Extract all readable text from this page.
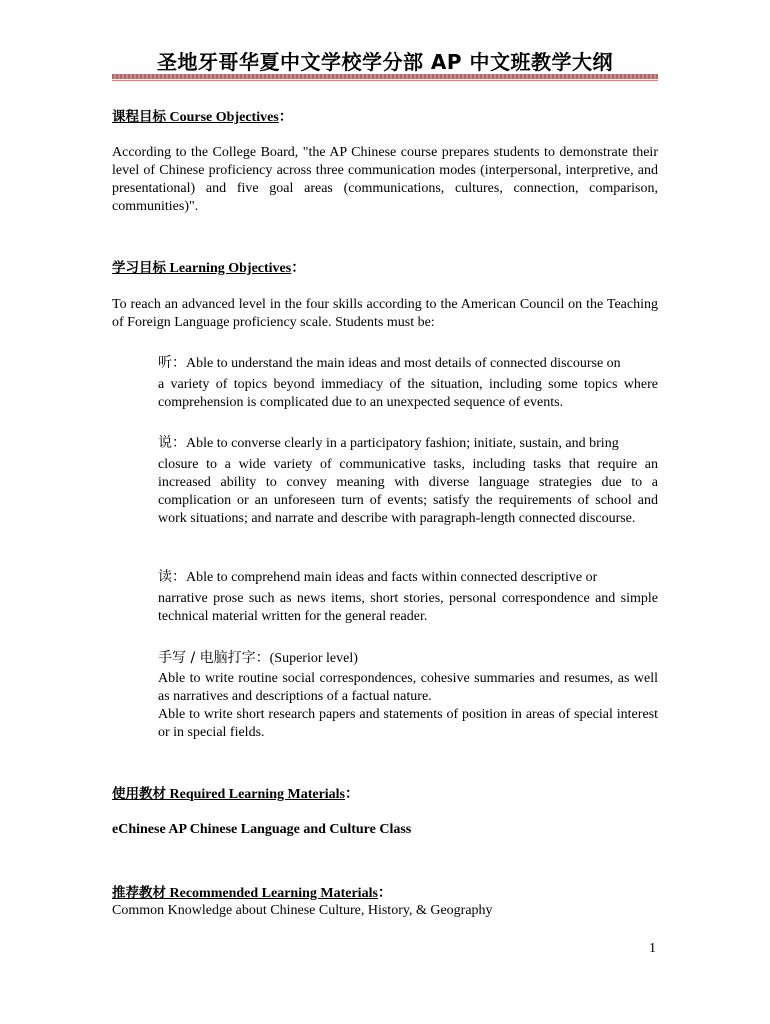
圣地牙哥华夏中文学校学分部 AP 中文班教学大纲
课程目标 Course Objectives：
According to the College Board, "the AP Chinese course prepares students to demonstrate their level of Chinese proficiency across three communication modes (interpersonal, interpretive, and presentational) and five goal areas (communications, cultures, connection, comparison, communities)".
学习目标 Learning Objectives：
To reach an advanced level in the four skills according to the American Council on the Teaching of Foreign Language proficiency scale. Students must be:
听：Able to understand the main ideas and most details of connected discourse on
a variety of topics beyond immediacy of the situation, including some topics where comprehension is complicated due to an unexpected sequence of events.
说：Able to converse clearly in a participatory fashion; initiate, sustain, and bring
closure to a wide variety of communicative tasks, including tasks that require an increased ability to convey meaning with diverse language strategies due to a complication or an unforeseen turn of events; satisfy the requirements of school and work situations; and narrate and describe with paragraph-length connected discourse.
读：Able to comprehend main ideas and facts within connected descriptive or
narrative prose such as news items, short stories, personal correspondence and simple technical material written for the general reader.
手写 / 电脑打字：(Superior level)
Able to write routine social correspondences, cohesive summaries and resumes, as well as narratives and descriptions of a factual nature.
Able to write short research papers and statements of position in areas of special interest or in special fields.
使用教材 Required Learning Materials：
eChinese AP Chinese Language and Culture Class
推荐教材 Recommended Learning Materials：
Common Knowledge about Chinese Culture, History, & Geography
1
